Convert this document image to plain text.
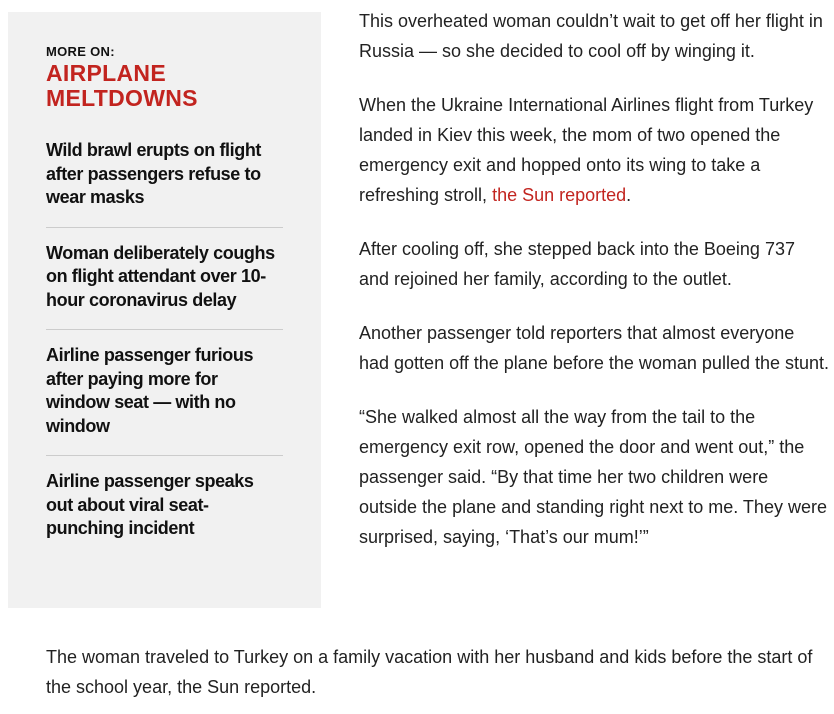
MORE ON:

AIRPLANE MELTDOWNS
Wild brawl erupts on flight after passengers refuse to wear masks
Woman deliberately coughs on flight attendant over 10-hour coronavirus delay
Airline passenger furious after paying more for window seat — with no window
Airline passenger speaks out about viral seat-punching incident

This overheated woman couldn’t wait to get off her flight in Russia — so she decided to cool off by winging it.

When the Ukraine International Airlines flight from Turkey landed in Kiev this week, the mom of two opened the emergency exit and hopped onto its wing to take a refreshing stroll, the Sun reported.

After cooling off, she stepped back into the Boeing 737 and rejoined her family, according to the outlet.

Another passenger told reporters that almost everyone had gotten off the plane before the woman pulled the stunt.

“She walked almost all the way from the tail to the emergency exit row, opened the door and went out,” the passenger said. “By that time her two children were outside the plane and standing right next to me. They were surprised, saying, ‘That’s our mum!’”

The woman traveled to Turkey on a family vacation with her husband and kids before the start of the school year, the Sun reported.
